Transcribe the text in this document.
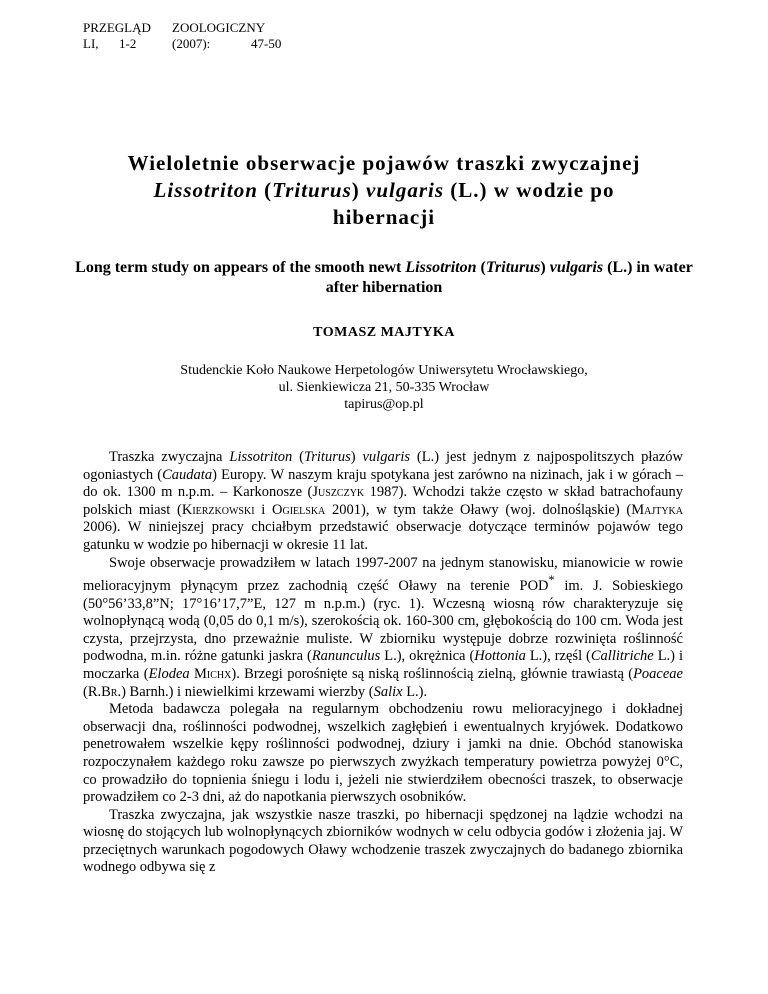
PRZEGLĄD ZOOLOGICZNY
LI, 1-2	(2007):	47-50
Wieloletnie obserwacje pojawów traszki zwyczajnej
Lissotriton (Triturus) vulgaris (L.) w wodzie po
hibernacji
Long term study on appears of the smooth newt Lissotriton (Triturus) vulgaris (L.) in water after hibernation
TOMASZ MAJTYKA
Studenckie Koło Naukowe Herpetologów Uniwersytetu Wrocławskiego,
ul. Sienkiewicza 21, 50-335 Wrocław
tapirus@op.pl

Traszka zwyczajna Lissotriton (Triturus) vulgaris (L.) jest jednym z najpospolitszych płazów ogoniastych (Caudata) Europy. W naszym kraju spotykana jest zarówno na nizinach, jak i w górach – do ok. 1300 m n.p.m. – Karkonosze (Juszczyk 1987). Wchodzi także często w skład batrachofauny polskich miast (Kierzkowski i Ogielska 2001), w tym także Oławy (woj. dolnośląskie) (Majtyka 2006). W niniejszej pracy chciałbym przedstawić obserwacje dotyczące terminów pojawów tego gatunku w wodzie po hibernacji w okresie 11 lat.

Swoje obserwacje prowadziłem w latach 1997-2007 na jednym stanowisku, mianowicie w rowie melioracyjnym płynącym przez zachodnią część Oławy na terenie POD* im. J. Sobieskiego (50°56’33,8”N; 17°16’17,7”E, 127 m n.p.m.) (ryc. 1). Wczesną wiosną rów charakteryzuje się wolnopłynącą wodą (0,05 do 0,1 m/s), szerokością ok. 160-300 cm, głębokością do 100 cm. Woda jest czysta, przejrzysta, dno przeważnie muliste. W zbiorniku występuje dobrze rozwinięta roślinność podwodna, m.in. różne gatunki jaskra (Ranunculus L.), okrężnica (Hottonia L.), rzęśl (Callitriche L.) i moczarka (Elodea Michx). Brzegi porośnięte są niską roślinnością zielną, głównie trawiastą (Poaceae (R.Br.) Barnh.) i niewielkimi krzewami wierzby (Salix L.).

Metoda badawcza polegała na regularnym obchodzeniu rowu melioracyjnego i dokładnej obserwacji dna, roślinności podwodnej, wszelkich zagłębień i ewentualnych kryjówek. Dodatkowo penetrowałem wszelkie kępy roślinności podwodnej, dziury i jamki na dnie. Obchód stanowiska rozpoczynałem każdego roku zawsze po pierwszych zwyżkach temperatury powietrza powyżej 0°C, co prowadziło do topnienia śniegu i lodu i, jeżeli nie stwierdziłem obecności traszek, to obserwacje prowadziłem co 2-3 dni, aż do napotkania pierwszych osobników.

Traszka zwyczajna, jak wszystkie nasze traszki, po hibernacji spędzonej na lądzie wchodzi na wiosnę do stojących lub wolnopłynących zbiorników wodnych w celu odbycia godów i złożenia jaj. W przeciętnych warunkach pogodowych Oławy wchodzenie traszek zwyczajnych do badanego zbiornika wodnego odbywa się z
